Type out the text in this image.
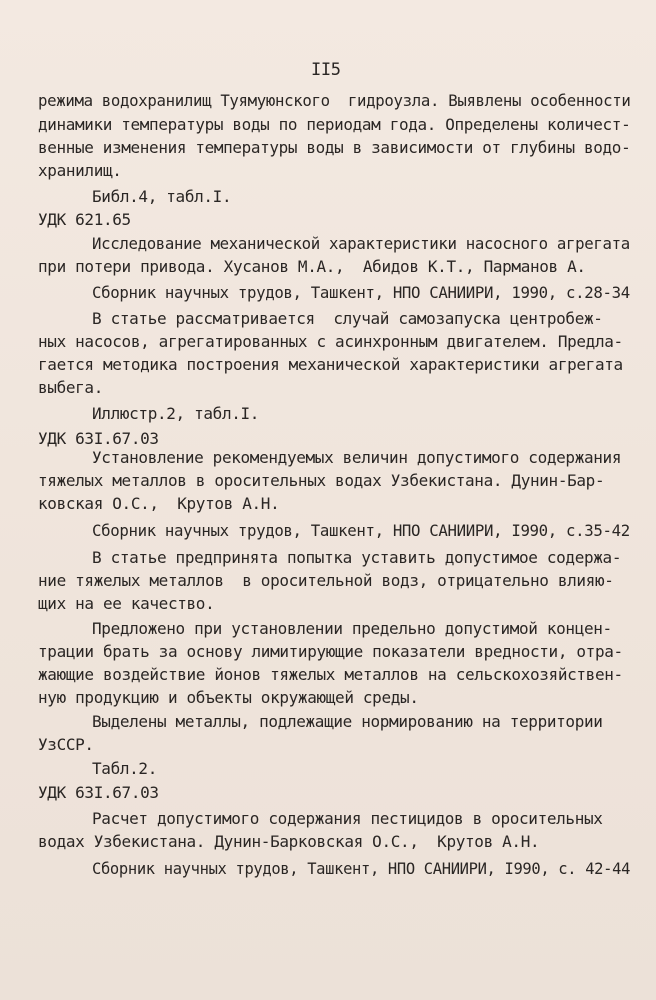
II5
режима водохранилищ Туямуюнского  гидроузла. Выявлены особенности
динамики температуры воды по периодам года. Определены количест-
венные изменения температуры воды в зависимости от глубины водо-
хранилищ.
Библ.4, табл.I.
УДК 621.65
Исследование механической характеристики насосного агрегата
при потери привода. Хусанов М.А.,  Абидов К.Т., Парманов А.
Сборник научных трудов, Ташкент, НПО САНИИРИ, 1990, с.28-34
В статье рассматривается  случай самозапуска центробеж-
ных насосов, агрегатированных с асинхронным двигателем. Предла-
гается методика построения механической характеристики агрегата
выбега.
Иллюстр.2, табл.I.
УДК 63I.67.03
Установление рекомендуемых величин допустимого содержания
тяжелых металлов в оросительных водах Узбекистана. Дунин-Бар-
ковская О.С.,  Крутов А.Н.
Сборник научных трудов, Ташкент, НПО САНИИРИ, I990, с.35-42
В статье предпринята попытка уставить допустимое содержа-
ние тяжелых металлов  в оросительной водз, отрицательно влияю-
щих на ее качество.
Предложено при установлении предельно допустимой концен-
трации брать за основу лимитирующие показатели вредности, отра-
жающие воздействие йонов тяжелых металлов на сельскохозяйствен-
ную продукцию и объекты окружающей среды.
Выделены металлы, подлежащие нормированию на территории
УзССР.
Табл.2.
УДК 63I.67.03
Расчет допустимого содержания пестицидов в оросительных
водах Узбекистана. Дунин-Барковская О.С.,  Крутов А.Н.
Сборник научных трудов, Ташкент, НПО САНИИРИ, I990, с. 42-44
